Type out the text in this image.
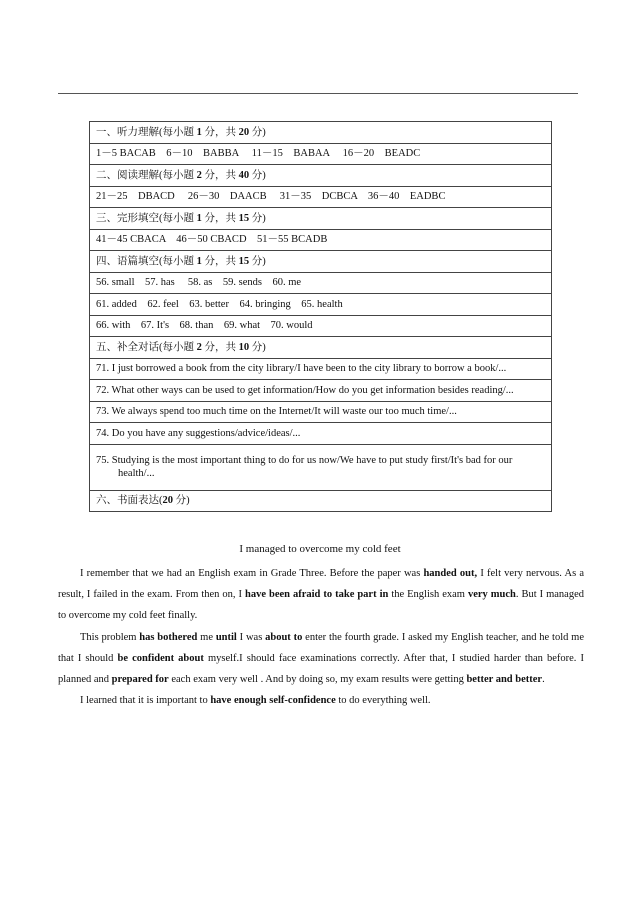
一、听力理解(每小题 1 分，共 20 分)
1－5 BACAB　6－10　BABBA　 11－15　BABAA　 16－20　BEADC
二、阅读理解(每小题 2 分，共 40 分)
21－25　DBACD　 26－30　DAACB　 31－35　DCBCA　36－40　EADBC
三、完形填空(每小题 1 分，共 15 分)
41－45 CBACA　46－50 CBACD　51－55 BCADB
四、语篇填空(每小题 1 分，共 15 分)
56. small　57. has　 58. as　59. sends　60. me
61. added　62. feel　63. better　64. bringing　65. health
66. with　67. It's　68. than　69. what　70. would
五、补全对话(每小题 2 分，共 10 分)
71. I just borrowed a book from the city library/I have been to the city library to borrow a book/...
72. What other ways can be used to get information/How do you get information besides reading/...
73. We always spend too much time on the Internet/It will waste our too much time/...
74. Do you have any suggestions/advice/ideas/...
75. Studying is the most important thing to do for us now/We have to put study first/It's bad for our
health/...
六、书面表达(20 分)
I managed to overcome my cold feet

I remember that we had an English exam in Grade Three. Before the paper was handed out, I felt very nervous. As a result, I failed in the exam. From then on, I have been afraid to take part in the English exam very much. But I managed to overcome my cold feet finally.

This problem has bothered me until I was about to enter the fourth grade. I asked my English teacher, and he told me that I should be confident about myself.I should face examinations correctly. After that, I studied harder than before. I planned and prepared for each exam very well . And by doing so, my exam results were getting better and better.

I learned that it is important to have enough self-confidence to do everything well.
